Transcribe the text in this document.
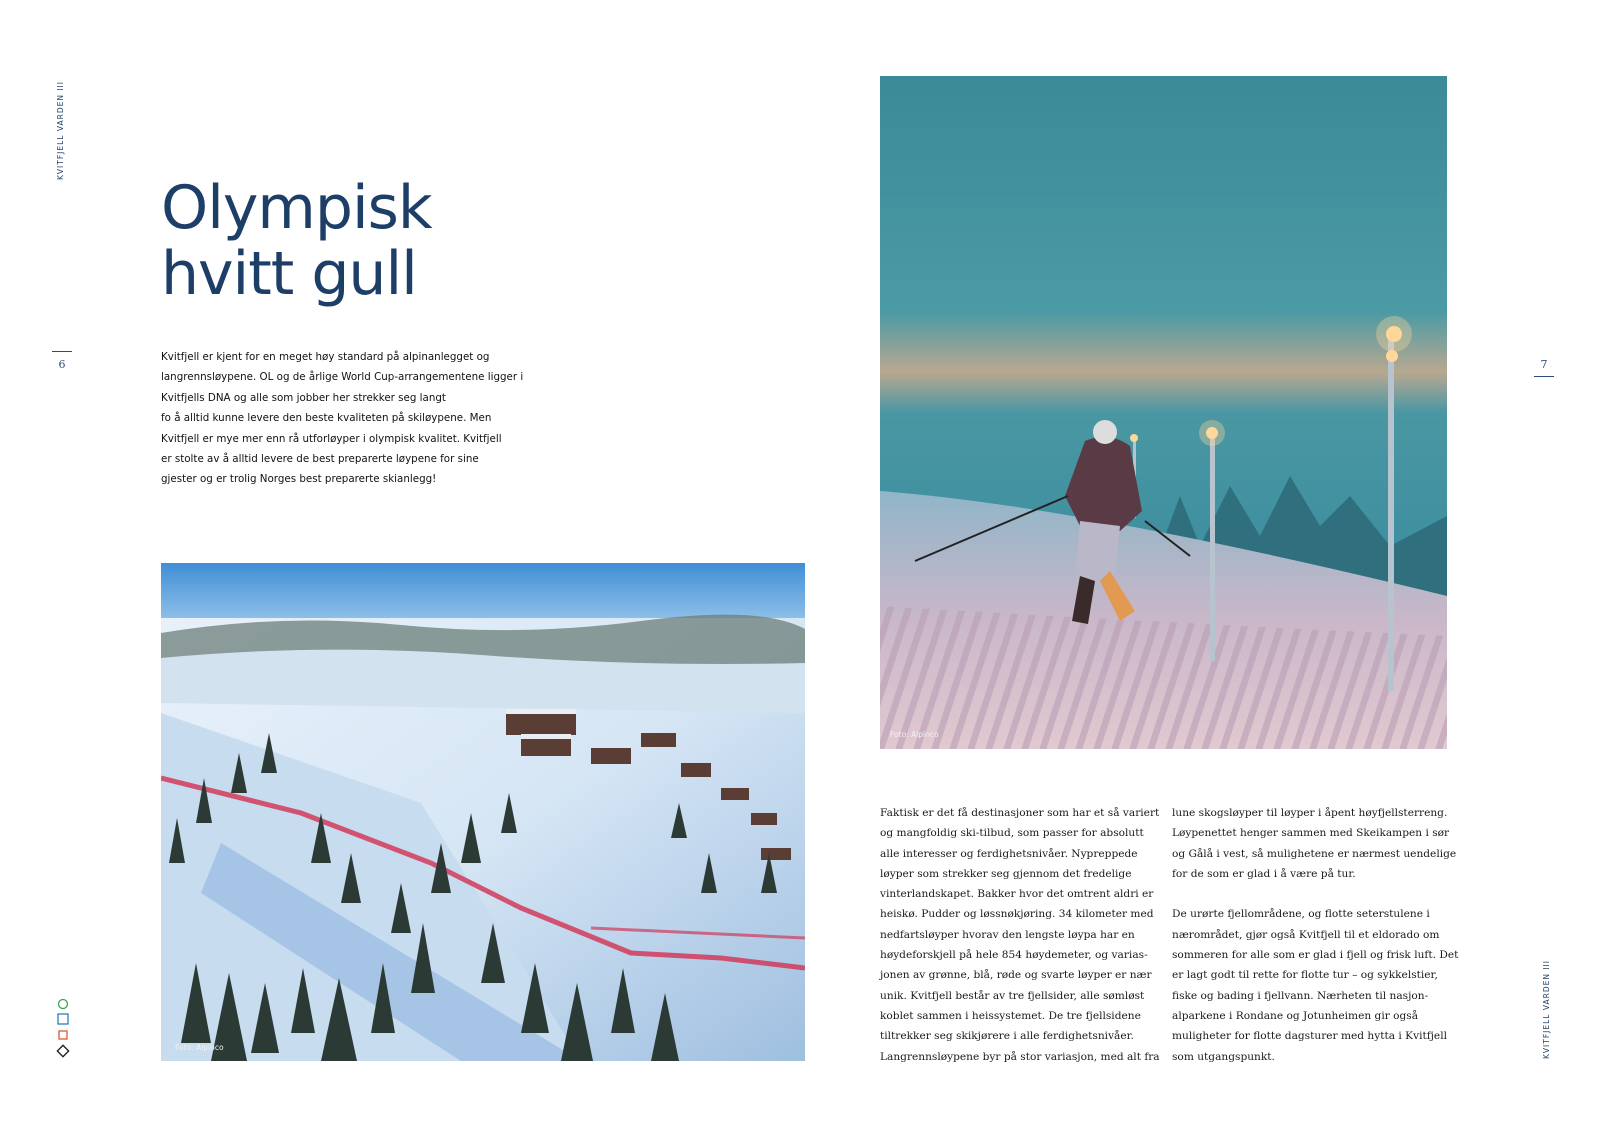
KVITFJELL VARDEN III
KVITFJELL VARDEN III
6	7
Olympisk
hvitt gull
Kvitfjell er kjent for en meget høy standard på alpinanlegget og
langrennsløypene. OL og de årlige World Cup-arrangementene ligger i
Kvitfjells DNA og alle som jobber her strekker seg langt
fo å alltid kunne levere den beste kvaliteten på skiløypene. Men
Kvitfjell er mye mer enn rå utforløyper i olympisk kvalitet. Kvitfjell
er stolte av å alltid levere de best preparerte løypene for sine
gjester og er trolig Norges best preparerte skianlegg!
Foto: Alpinco
Foto: Alpinco
Faktisk er det få destinasjoner som har et så variert
og mangfoldig ski-tilbud, som passer for absolutt
alle interesser og ferdighetsnivåer. Nypreppede
løyper som strekker seg gjennom det fredelige
vinterlandskapet. Bakker hvor det omtrent aldri er
heiskø. Pudder og løssnøkjøring. 34 kilometer med
nedfartsløyper hvorav den lengste løypa har en
høydeforskjell på hele 854 høydemeter, og varias-
jonen av grønne, blå, røde og svarte løyper er nær
unik. Kvitfjell består av tre fjellsider, alle sømløst
koblet sammen i heissystemet. De tre fjellsidene
tiltrekker seg skikjørere i alle ferdighetsnivåer.
Langrennsløypene byr på stor variasjon, med alt fra
lune skogsløyper til løyper i åpent høyfjellsterreng.
Løypenettet henger sammen med Skeikampen i sør
og Gålå i vest, så mulighetene er nærmest uendelige
for de som er glad i å være på tur.
De urørte fjellområdene, og flotte seterstulene i
nærområdet, gjør også Kvitfjell til et eldorado om
sommeren for alle som er glad i fjell og frisk luft. Det
er lagt godt til rette for flotte tur – og sykkelstier,
fiske og bading i fjellvann. Nærheten til nasjon-
alparkene i Rondane og Jotunheimen gir også
muligheter for flotte dagsturer med hytta i Kvitfjell
som utgangspunkt.
